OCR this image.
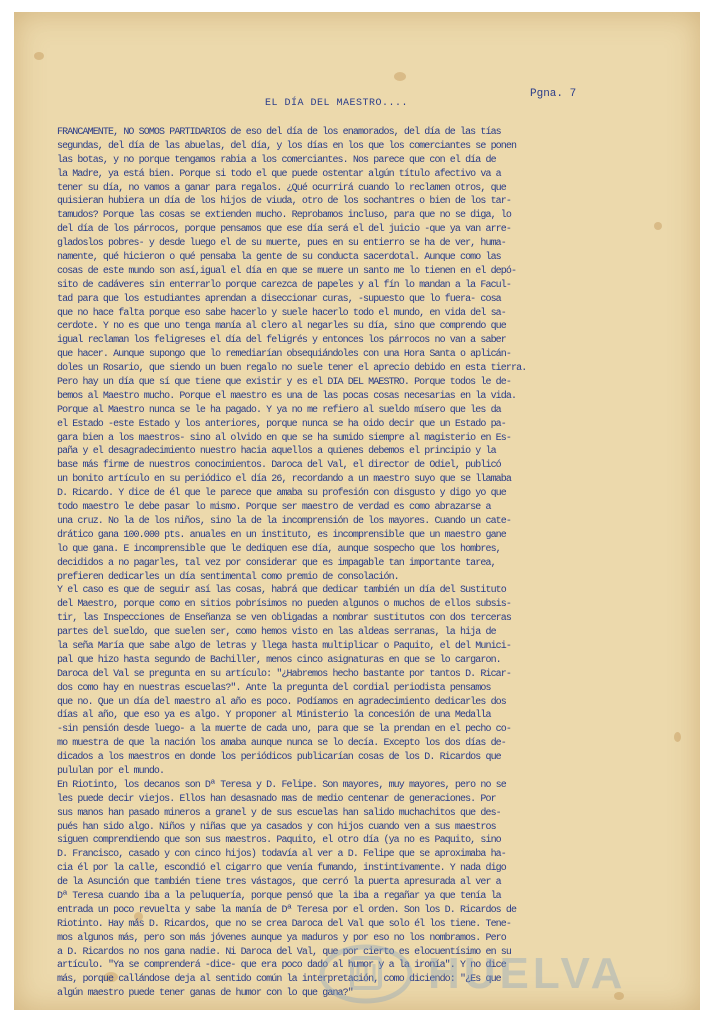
Pgna. 7
EL DÍA DEL MAESTRO....
FRANCAMENTE, NO SOMOS PARTIDARIOS de eso del día de los enamorados, del día de las tías
segundas, del día de las abuelas, del día, y los días en los que los comerciantes se ponen
las botas, y no porque tengamos rabia a los comerciantes. Nos parece que con el día de
la Madre, ya está bien. Porque si todo el que puede ostentar algún título afectivo va a
tener su día, no vamos a ganar para regalos. ¿Qué ocurrirá cuando lo reclamen otros, que
quisieran hubiera un día de los hijos de viuda, otro de los sochantres o bien de los tar-
tamudos? Porque las cosas se extienden mucho. Reprobamos incluso, para que no se diga, lo
del día de los párrocos, porque pensamos que ese día será el del juicio -que ya van arre-
gladoslos pobres- y desde luego el de su muerte, pues en su entierro se ha de ver, huma-
namente, qué hicieron o qué pensaba la gente de su conducta sacerdotal. Aunque como las
cosas de este mundo son así,igual el día en que se muere un santo me lo tienen en el depó-
sito de cadáveres sin enterrarlo porque carezca de papeles y al fín lo mandan a la Facul-
tad para que los estudiantes aprendan a diseccionar curas, -supuesto que lo fuera- cosa
que no hace falta porque eso sabe hacerlo y suele hacerlo todo el mundo, en vida del sa-
cerdote. Y no es que uno tenga manía al clero al negarles su día, sino que comprendo que
igual reclaman los feligreses el día del feligrés y entonces los párrocos no van a saber
que hacer. Aunque supongo que lo remediarían obsequiándoles con una Hora Santa o aplicán-
doles un Rosario, que siendo un buen regalo no suele tener el aprecio debido en esta tierra.
Pero hay un día que sí que tiene que existir y es el DIA DEL MAESTRO. Porque todos le de-
bemos al Maestro mucho. Porque el maestro es una de las pocas cosas necesarias en la vida.
Porque al Maestro nunca se le ha pagado. Y ya no me refiero al sueldo mísero que les da
el Estado -este Estado y los anteriores, porque nunca se ha oido decir que un Estado pa-
gara bien a los maestros- sino al olvido en que se ha sumido siempre al magisterio en Es-
paña y el desagradecimiento nuestro hacia aquellos a quienes debemos el principio y la
base más firme de nuestros conocimientos. Daroca del Val, el director de Odiel, publicó
un bonito artículo en su periódico el día 26, recordando a un maestro suyo que se llamaba
D. Ricardo. Y dice de él que le parece que amaba su profesión con disgusto y digo yo que
todo maestro le debe pasar lo mismo. Porque ser maestro de verdad es como abrazarse a
una cruz. No la de los niños, sino la de la incomprensión de los mayores. Cuando un cate-
drático gana 100.000 pts. anuales en un instituto, es incomprensible que un maestro gane
lo que gana. E incomprensible que le dediquen ese día, aunque sospecho que los hombres,
decididos a no pagarles, tal vez por considerar que es impagable tan importante tarea,
prefieren dedicarles un día sentimental como premio de consolación.
Y el caso es que de seguir así las cosas, habrá que dedicar también un día del Sustituto
del Maestro, porque como en sitios pobrísimos no pueden algunos o muchos de ellos subsis-
tir, las Inspecciones de Enseñanza se ven obligadas a nombrar sustitutos con dos terceras
partes del sueldo, que suelen ser, como hemos visto en las aldeas serranas, la hija de
la seña María que sabe algo de letras y llega hasta multiplicar o Paquito, el del Munici-
pal que hizo hasta segundo de Bachiller, menos cinco asignaturas en que se lo cargaron.
Daroca del Val se pregunta en su artículo: "¿Habremos hecho bastante por tantos D. Ricar-
dos como hay en nuestras escuelas?". Ante la pregunta del cordial periodista pensamos
que no. Que un día del maestro al año es poco. Podíamos en agradecimiento dedicarles dos
días al año, que eso ya es algo. Y proponer al Ministerio la concesión de una Medalla
-sin pensión desde luego- a la muerte de cada uno, para que se la prendan en el pecho co-
mo muestra de que la nación los amaba aunque nunca se lo decía. Excepto los dos días de-
dicados a los maestros en donde los periódicos publicarían cosas de los D. Ricardos que
pululan por el mundo.
En Riotinto, los decanos son Dª Teresa y D. Felipe. Son mayores, muy mayores, pero no se
les puede decir viejos. Ellos han desasnado mas de medio centenar de generaciones. Por
sus manos han pasado mineros a granel y de sus escuelas han salido muchachitos que des-
pués han sido algo. Niños y niñas que ya casados y con hijos cuando ven a sus maestros
siguen comprendiendo que son sus maestros. Paquito, el otro día (ya no es Paquito, sino
D. Francisco, casado y con cinco hijos) todavía al ver a D. Felipe que se aproximaba ha-
cia él por la calle, escondió el cigarro que venía fumando, instintivamente. Y nada digo
de la Asunción que también tiene tres vástagos, que cerró la puerta apresurada al ver a
Dª Teresa cuando iba a la peluquería, porque pensó que la iba a regañar ya que tenía la
entrada un poco revuelta y sabe la manía de Dª Teresa por el orden. Son los D. Ricardos de
Riotinto. Hay más D. Ricardos, que no se crea Daroca del Val que solo él los tiene. Tene-
mos algunos más, pero son más jóvenes aunque ya maduros y por eso no los nombramos. Pero
a D. Ricardos no nos gana nadie. Ni Daroca del Val, que por cierto es elocuentísimo en su
artículo. "Ya se comprenderá -dice- que era poco dado al humor y a la ironía". Y no dice
más, porque callándose deja al sentido común la interpretación, como diciendo: "¿Es que
algún maestro puede tener ganas de humor con lo que gana?"	HUELVA
